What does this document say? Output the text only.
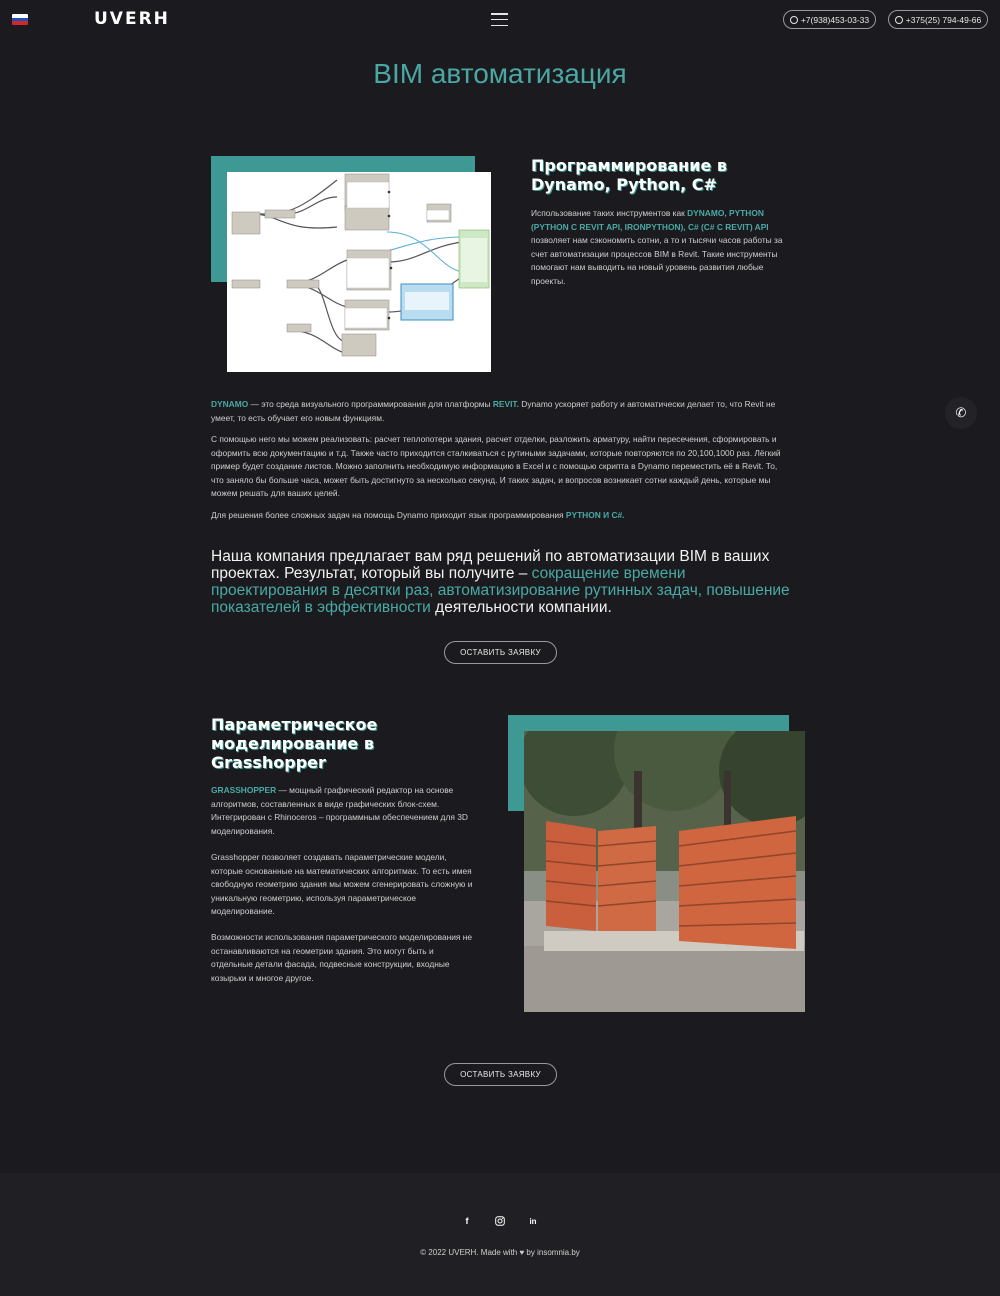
UVERH	+7(938)453-03-33	+375(25) 794-49-66
BIM автоматизация
Программирование в Dynamo, Python, C#
Использование таких инструментов как DYNAMO, PYTHON (PYTHON C REVIT API, IRONPYTHON), C# (C# C REVIT) API позволяет нам сэкономить сотни, а то и тысячи часов работы за счет автоматизации процессов BIM в Revit. Такие инструменты помогают нам выводить на новый уровень развития любые проекты.
DYNAMO — это среда визуального программирования для платформы REVIT. Dynamo ускоряет работу и автоматически делает то, что Revit не умеет, то есть обучает его новым функциям.
С помощью него мы можем реализовать: расчет теплопотери здания, расчет отделки, разложить арматуру, найти пересечения, сформировать и оформить всю документацию и т.д. Также часто приходится сталкиваться с рутиными задачами, которые повторяются по 20,100,1000 раз. Лёгкий пример будет создание листов. Можно заполнить необходимую информацию в Excel и с помощью скрипта в Dynamo переместить её в Revit. То, что заняло бы больше часа, может быть достигнуто за несколько секунд. И таких задач, и вопросов возникает сотни каждый день, которые мы можем решать для ваших целей.
Для решения более сложных задач на помощь Dynamo приходит язык программирования PYTHON И C#.
Наша компания предлагает вам ряд решений по автоматизации BIM в ваших проектах. Результат, который вы получите – сокращение времени проектирования в десятки раз, автоматизирование рутинных задач, повышение показателей в эффективности деятельности компании.
ОСТАВИТЬ ЗАЯВКУ
✆
Параметрическое моделирование в Grasshopper
GRASSHOPPER — мощный графический редактор на основе алгоритмов, составленных в виде графических блок-схем. Интегрирован с Rhinoceros – программным обеспечением для 3D моделирования.
Grasshopper позволяет создавать параметрические модели, которые основанные на математических алгоритмах. То есть имея свободную геометрию здания мы можем сгенерировать сложную и уникальную геометрию, используя параметрическое моделирование.
Возможности использования параметрического моделирования не останавливаются на геометрии здания. Это могут быть и отдельные детали фасада, подвесные конструкции, входные козырьки и многое другое.
ОСТАВИТЬ ЗАЯВКУ
f	in
© 2022 UVERH. Made with ♥ by insomnia.by
